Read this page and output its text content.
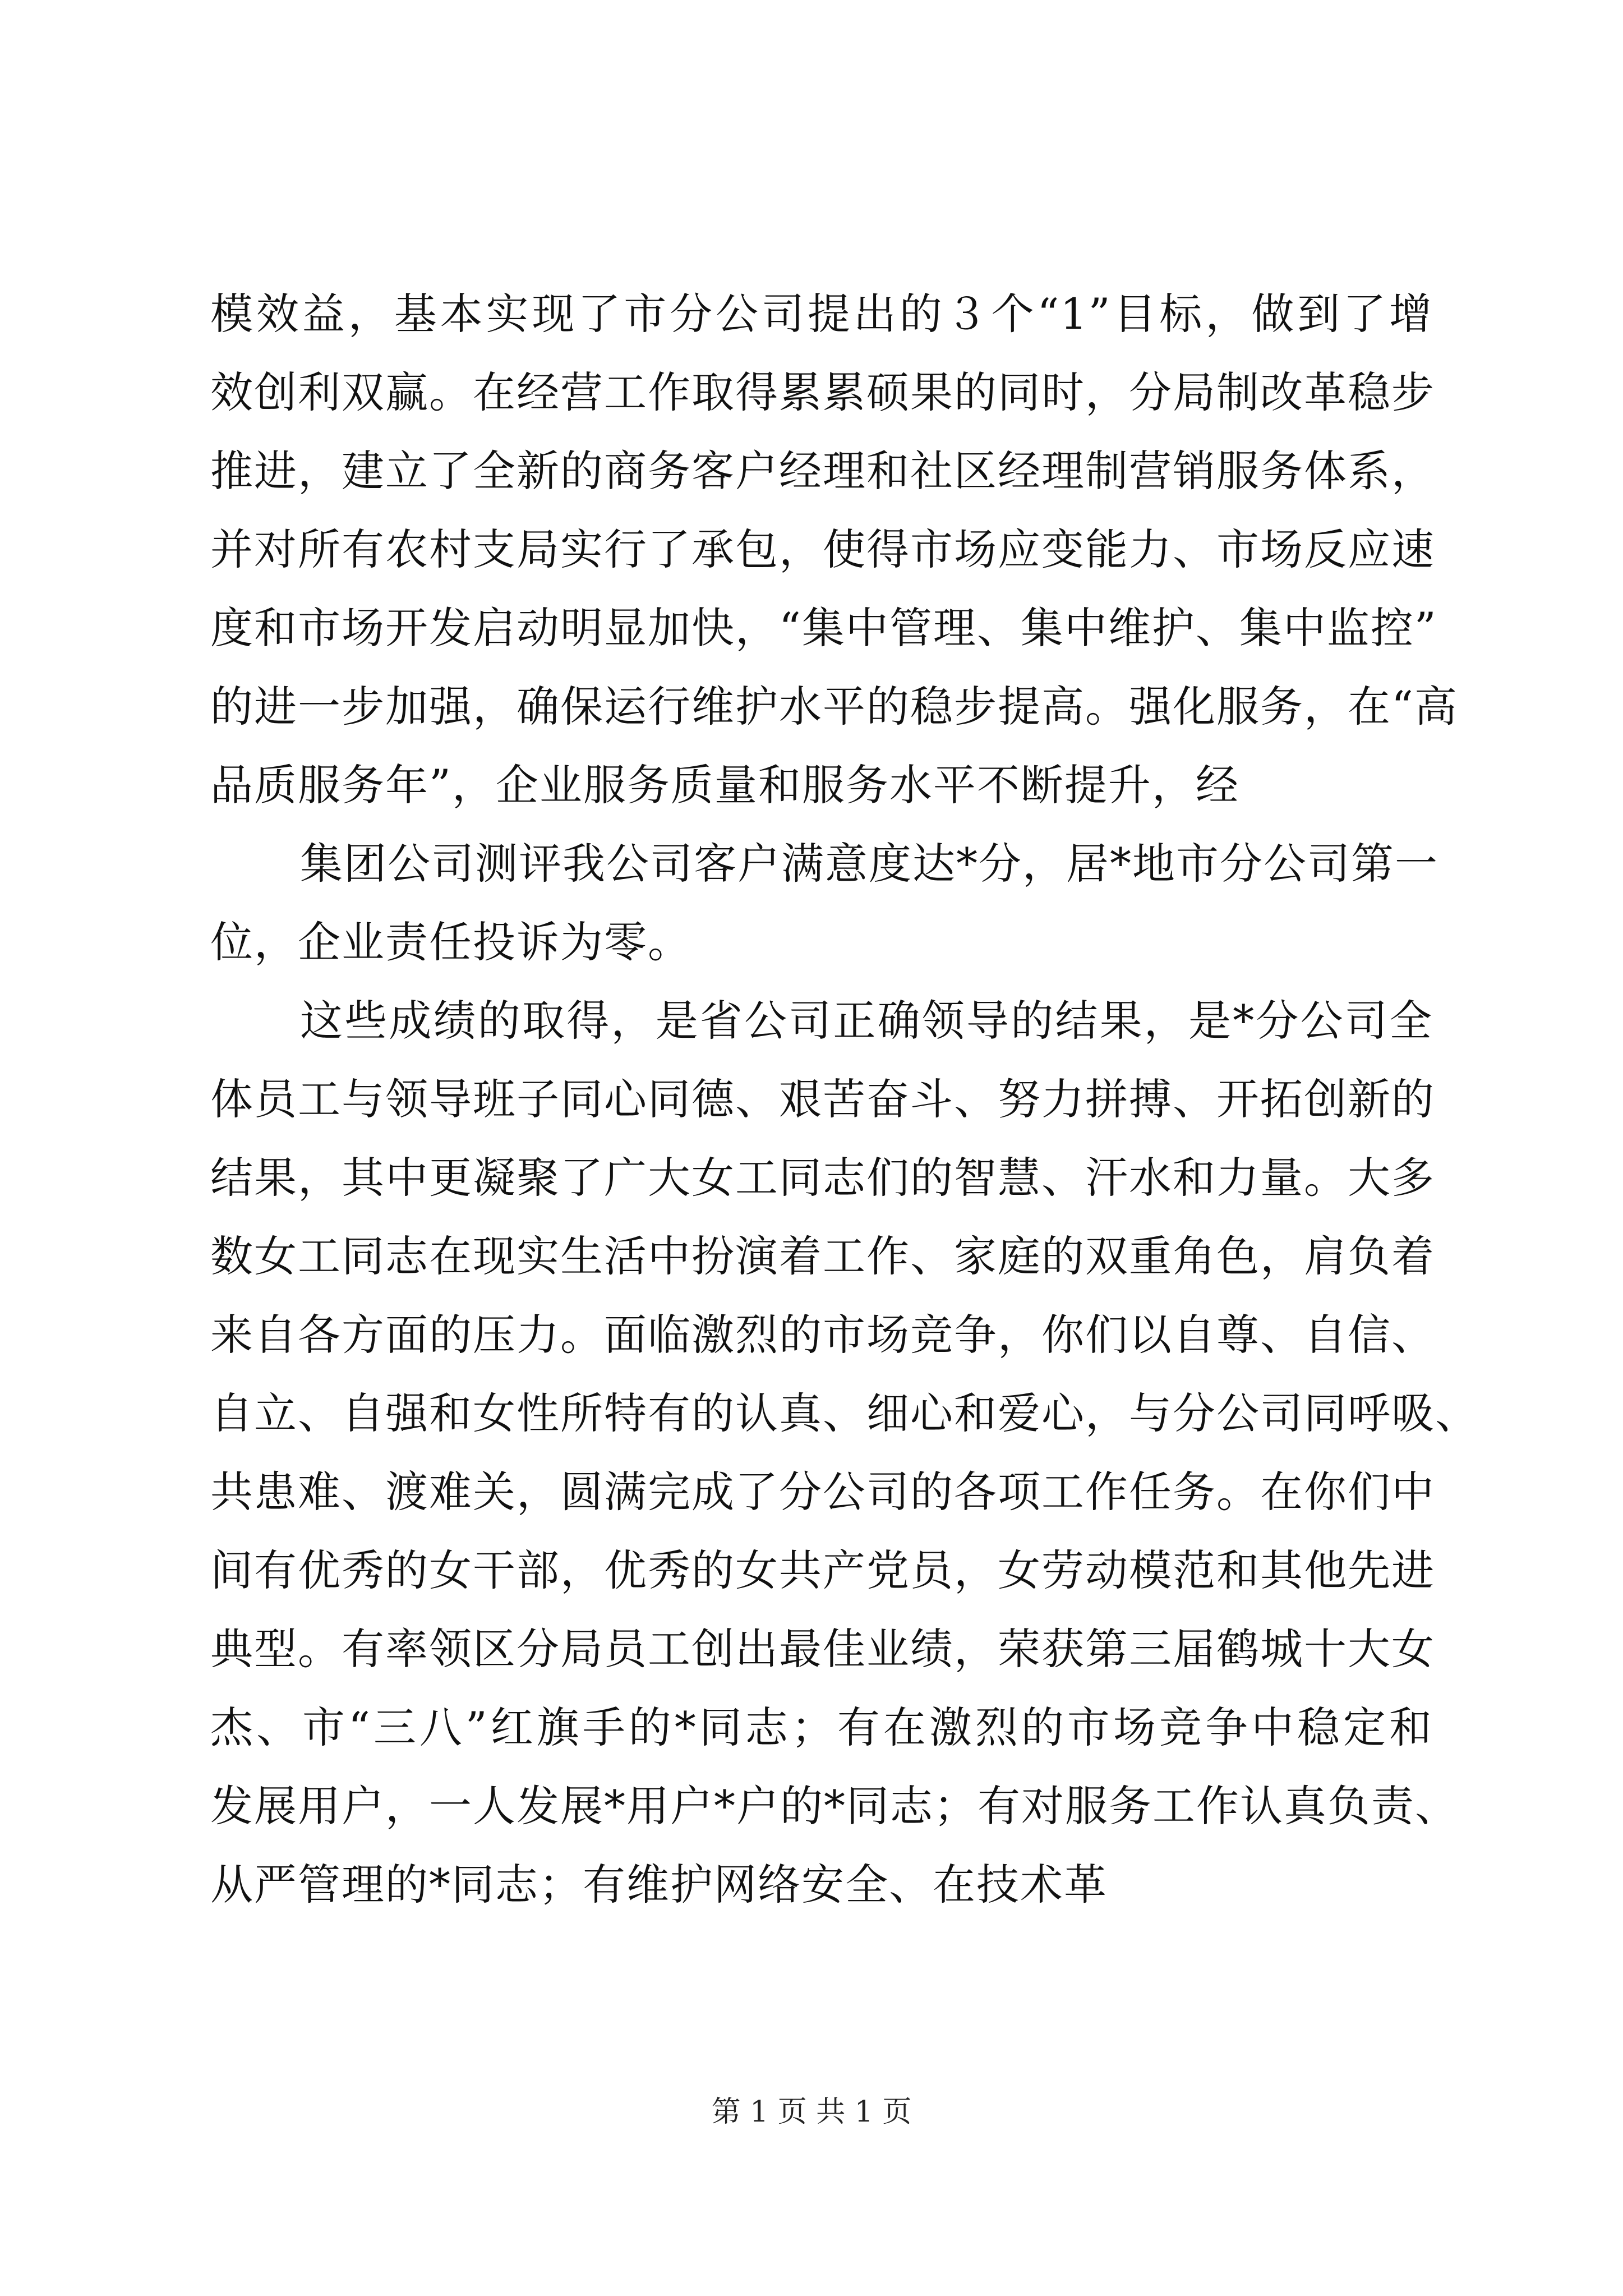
模效益，基本实现了市分公司提出的３个“1”目标，做到了增
效创利双赢。在经营工作取得累累硕果的同时，分局制改革稳步
推进，建立了全新的商务客户经理和社区经理制营销服务体系，
并对所有农村支局实行了承包，使得市场应变能力、市场反应速
度和市场开发启动明显加快，“集中管理、集中维护、集中监控”
的进一步加强，确保运行维护水平的稳步提高。强化服务，在“高
品质服务年”，企业服务质量和服务水平不断提升，经
集团公司测评我公司客户满意度达*分，居*地市分公司第一
位，企业责任投诉为零。
这些成绩的取得，是省公司正确领导的结果，是*分公司全
体员工与领导班子同心同德、艰苦奋斗、努力拼搏、开拓创新的
结果，其中更凝聚了广大女工同志们的智慧、汗水和力量。大多
数女工同志在现实生活中扮演着工作、家庭的双重角色，肩负着
来自各方面的压力。面临激烈的市场竞争，你们以自尊、自信、
自立、自强和女性所特有的认真、细心和爱心，与分公司同呼吸、
共患难、渡难关，圆满完成了分公司的各项工作任务。在你们中
间有优秀的女干部，优秀的女共产党员，女劳动模范和其他先进
典型。有率领区分局员工创出最佳业绩，荣获第三届鹤城十大女
杰、市“三八”红旗手的*同志；有在激烈的市场竞争中稳定和
发展用户，一人发展*用户*户的*同志；有对服务工作认真负责、
从严管理的*同志；有维护网络安全、在技术革
第 1 页 共 1 页
